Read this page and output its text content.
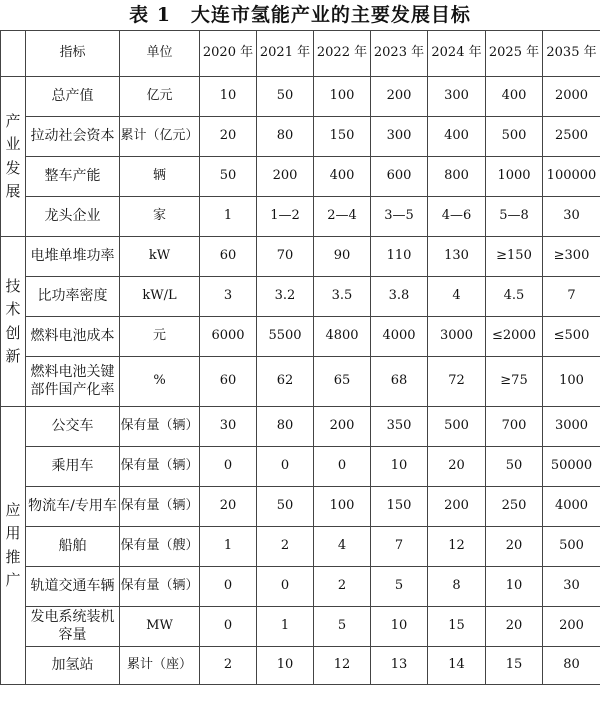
表 1　大连市氢能产业的主要发展目标
	指标	单位	2020 年	2021 年	2022 年	2023 年	2024 年	2025 年	2035 年

产
业
发
展	总产值	亿元	10	50	100	200	300	400	2000
	拉动社会资本	累计（亿元）	20	80	150	300	400	500	2500
	整车产能	辆	50	200	400	600	800	1000	100000
	龙头企业	家	1	1—2	2—4	3—5	4—6	5—8	30

技
术
创
新	电堆单堆功率	kW	60	70	90	110	130	≥150	≥300
	比功率密度	kW/L	3	3.2	3.5	3.8	4	4.5	7
	燃料电池成本	元	6000	5500	4800	4000	3000	≤2000	≤500
	燃料电池关键部件国产化率	%	60	62	65	68	72	≥75	100

应
用
推
广	公交车	保有量（辆）	30	80	200	350	500	700	3000
	乘用车	保有量（辆）	0	0	0	10	20	50	50000
	物流车/专用车	保有量（辆）	20	50	100	150	200	250	4000
	船舶	保有量（艘）	1	2	4	7	12	20	500
	轨道交通车辆	保有量（辆）	0	0	2	5	8	10	30
	发电系统装机容量	MW	0	1	5	10	15	20	200
	加氢站	累计（座）	2	10	12	13	14	15	80
